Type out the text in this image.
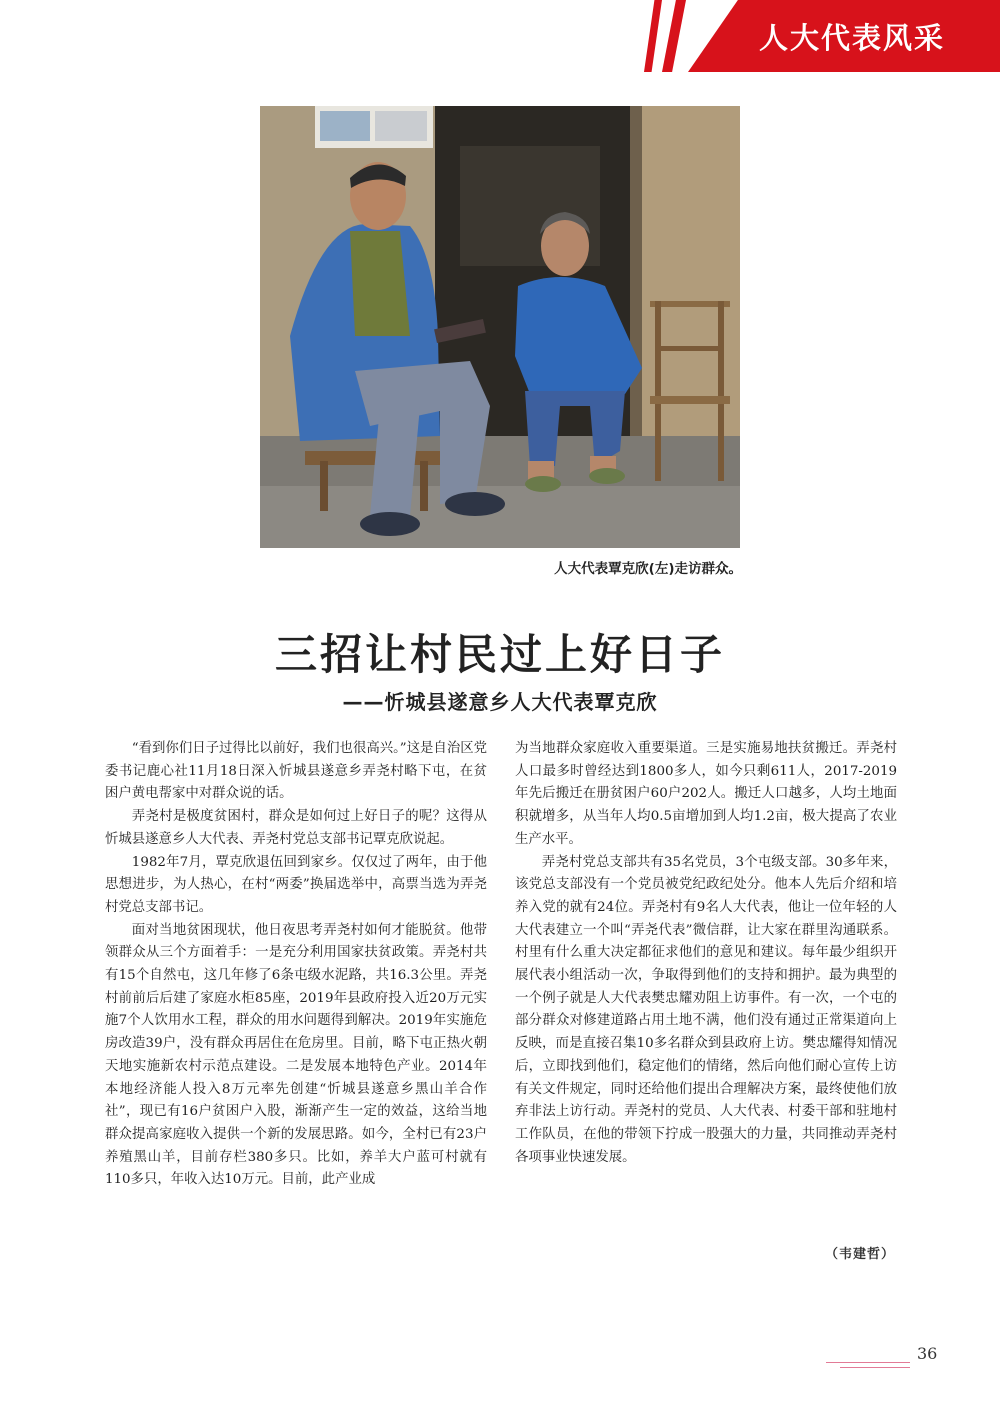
人大代表风采
人大代表覃克欣(左)走访群众。
三招让村民过上好日子
——忻城县遂意乡人大代表覃克欣

“看到你们日子过得比以前好，我们也很高兴。”这是自治区党委书记鹿心社11月18日深入忻城县遂意乡弄尧村略下屯，在贫困户黄电帮家中对群众说的话。

弄尧村是极度贫困村，群众是如何过上好日子的呢？这得从忻城县遂意乡人大代表、弄尧村党总支部书记覃克欣说起。

1982年7月，覃克欣退伍回到家乡。仅仅过了两年，由于他思想进步，为人热心，在村“两委”换届选举中，高票当选为弄尧村党总支部书记。

面对当地贫困现状，他日夜思考弄尧村如何才能脱贫。他带领群众从三个方面着手：一是充分利用国家扶贫政策。弄尧村共有15个自然屯，这几年修了6条屯级水泥路，共16.3公里。弄尧村前前后后建了家庭水柜85座，2019年县政府投入近20万元实施7个人饮用水工程，群众的用水问题得到解决。2019年实施危房改造39户，没有群众再居住在危房里。目前，略下屯正热火朝天地实施新农村示范点建设。二是发展本地特色产业。2014年本地经济能人投入8万元率先创建“忻城县遂意乡黑山羊合作社”，现已有16户贫困户入股，渐渐产生一定的效益，这给当地群众提高家庭收入提供一个新的发展思路。如今，全村已有23户养殖黑山羊，目前存栏380多只。比如，养羊大户蓝可村就有110多只，年收入达10万元。目前，此产业成

为当地群众家庭收入重要渠道。三是实施易地扶贫搬迁。弄尧村人口最多时曾经达到1800多人，如今只剩611人，2017-2019年先后搬迁在册贫困户60户202人。搬迁人口越多，人均土地面积就增多，从当年人均0.5亩增加到人均1.2亩，极大提高了农业生产水平。

弄尧村党总支部共有35名党员，3个屯级支部。30多年来，该党总支部没有一个党员被党纪政纪处分。他本人先后介绍和培养入党的就有24位。弄尧村有9名人大代表，他让一位年轻的人大代表建立一个叫“弄尧代表”微信群，让大家在群里沟通联系。村里有什么重大决定都征求他们的意见和建议。每年最少组织开展代表小组活动一次，争取得到他们的支持和拥护。最为典型的一个例子就是人大代表樊忠耀劝阻上访事件。有一次，一个屯的部分群众对修建道路占用土地不满，他们没有通过正常渠道向上反映，而是直接召集10多名群众到县政府上访。樊忠耀得知情况后，立即找到他们，稳定他们的情绪，然后向他们耐心宣传上访有关文件规定，同时还给他们提出合理解决方案，最终使他们放弃非法上访行动。弄尧村的党员、人大代表、村委干部和驻地村工作队员，在他的带领下拧成一股强大的力量，共同推动弄尧村各项事业快速发展。

（韦建哲）
36
